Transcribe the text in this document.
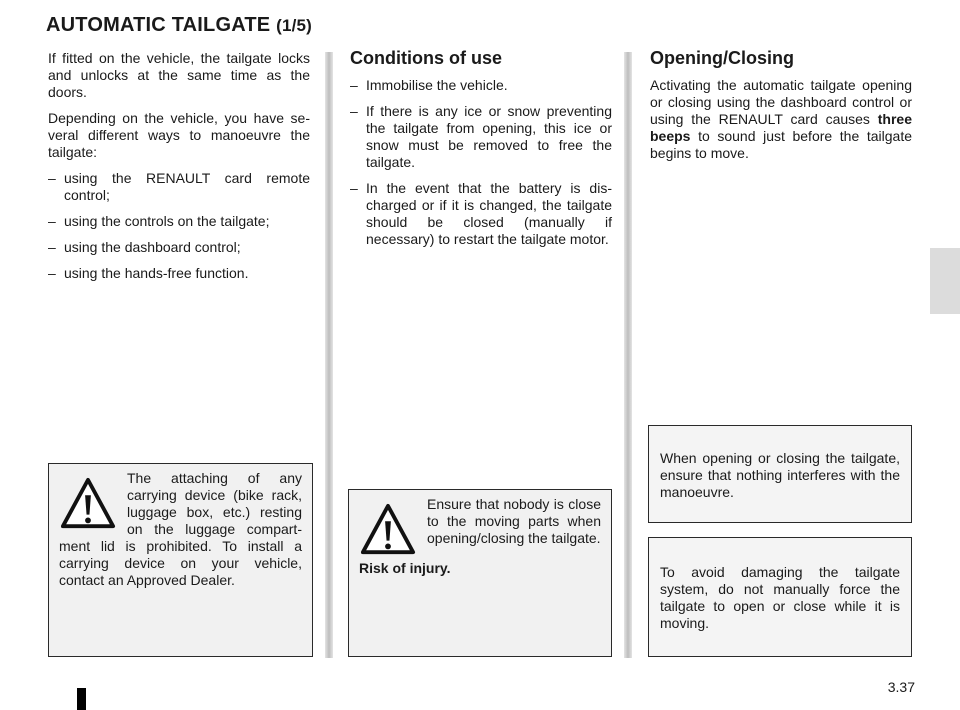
AUTOMATIC TAILGATE (1/5)

If fitted on the vehicle, the tailgate locks and unlocks at the same time as the doors.

Depending on the vehicle, you have several different ways to manoeuvre the tailgate:

– using the RENAULT card remote control;
– using the controls on the tailgate;
– using the dashboard control;
– using the hands-free function.
Conditions of use
– Immobilise the vehicle.
– If there is any ice or snow preventing the tailgate from opening, this ice or snow must be removed to free the tailgate.
– In the event that the battery is discharged or if it is changed, the tailgate should be closed (manually if necessary) to restart the tailgate motor.
Opening/Closing

Activating the automatic tailgate opening or closing using the dashboard control or using the RENAULT card causes three beeps to sound just before the tailgate begins to move.

The attaching of any carrying device (bike rack, luggage box, etc.) resting on the luggage compartment lid is prohibited. To install a carrying device on your vehicle, contact an Approved Dealer.

Ensure that nobody is close to the moving parts when opening/closing the tailgate.

Risk of injury.

When opening or closing the tailgate, ensure that nothing interferes with the manoeuvre.

To avoid damaging the tailgate system, do not manually force the tailgate to open or close while it is moving.

3.37
